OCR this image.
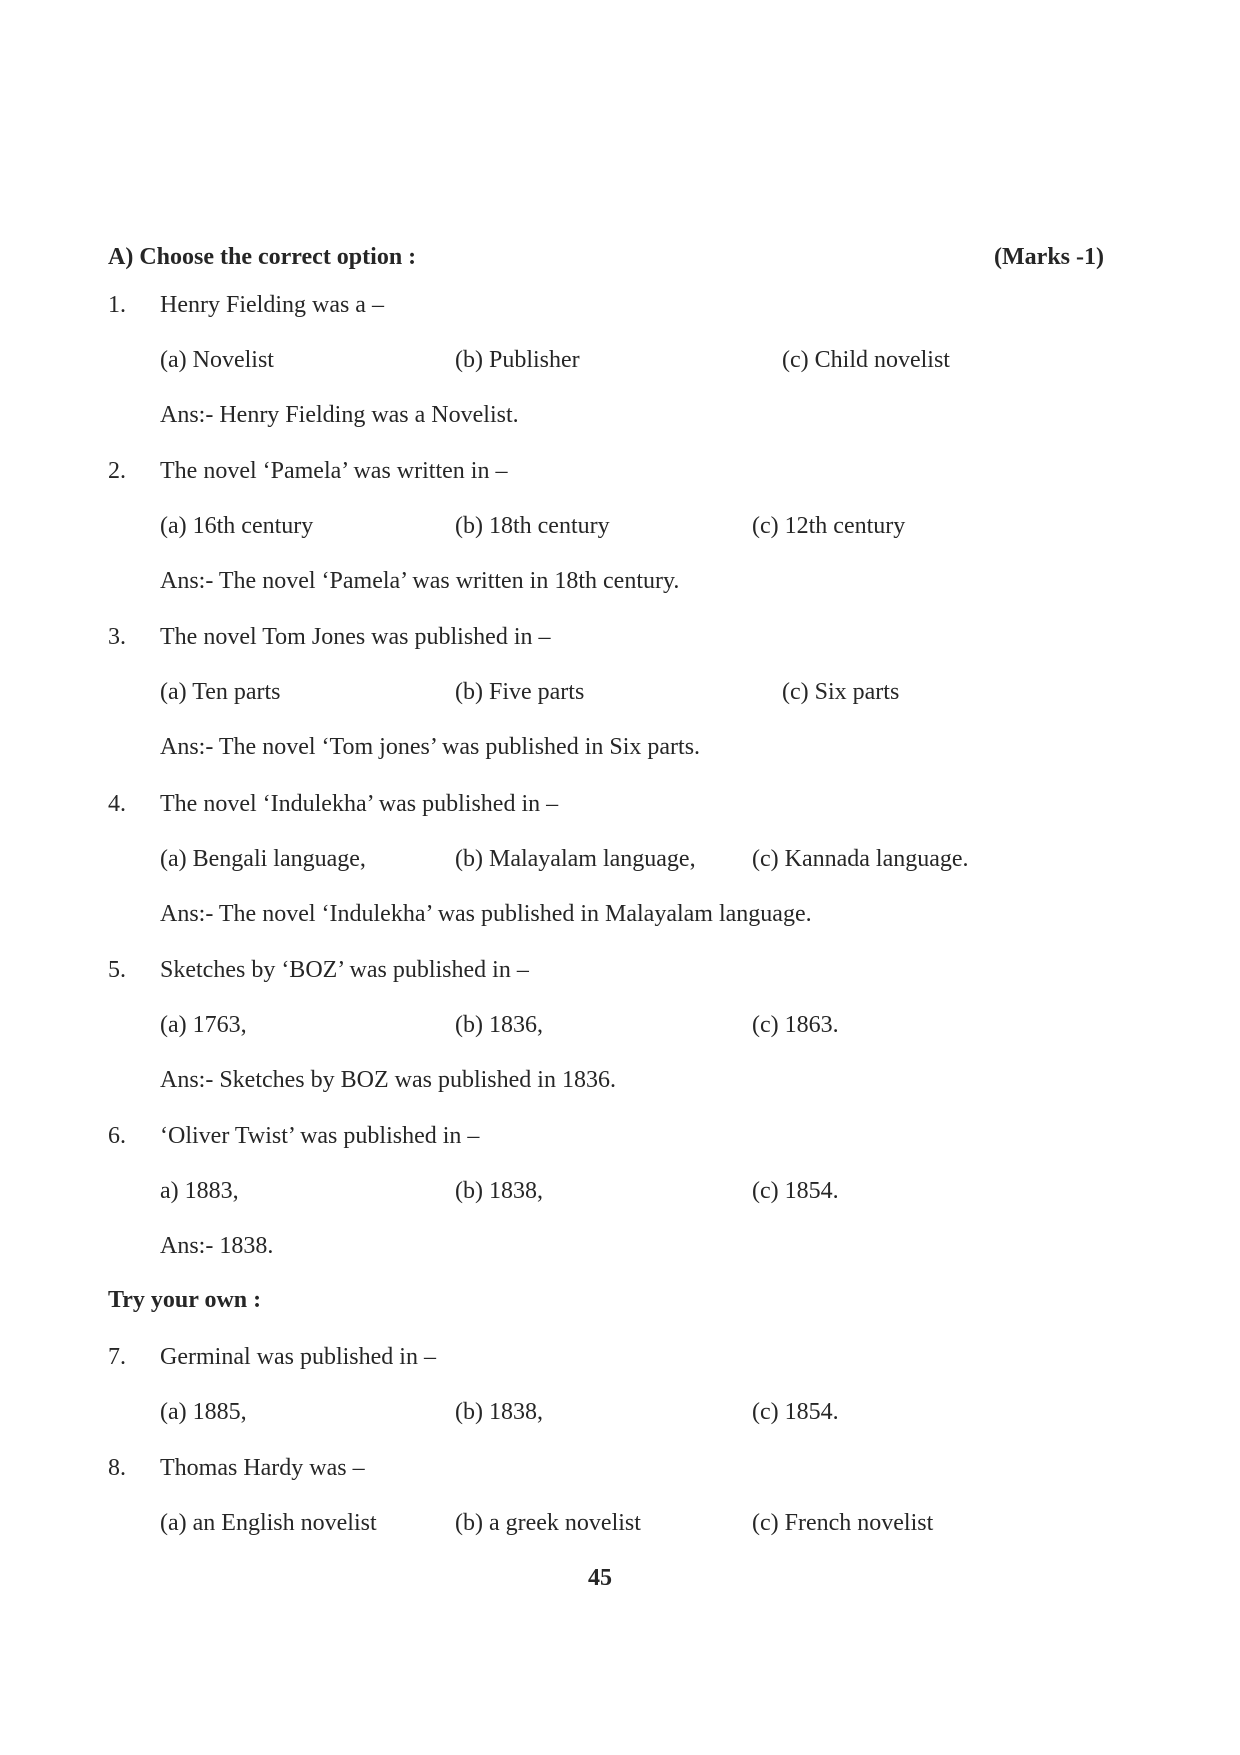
A) Choose the correct option :	(Marks -1)
1. Henry Fielding was a –
(a) Novelist	(b) Publisher	(c) Child novelist
Ans:- Henry Fielding was a Novelist.
2. The novel ‘Pamela’ was written in –
(a) 16th century	(b) 18th century	(c) 12th century
Ans:- The novel ‘Pamela’ was written in 18th century.
3. The novel Tom Jones was published in –
(a) Ten parts	(b) Five parts	(c) Six parts
Ans:- The novel ‘Tom jones’ was published in Six parts.
4. The novel ‘Indulekha’ was published in –
(a) Bengali language,	(b) Malayalam language, (c) Kannada language.
Ans:- The novel ‘Indulekha’ was published in Malayalam language.
5. Sketches by ‘BOZ’ was published in –
(a) 1763,	(b) 1836,	(c) 1863.
Ans:- Sketches by BOZ was published in 1836.
6. ‘Oliver Twist’ was published in –
a) 1883,	(b) 1838,	(c) 1854.
Ans:- 1838.
Try your own :
7. Germinal was published in –
(a) 1885,	(b) 1838,	(c) 1854.
8. Thomas Hardy was –
(a) an English novelist	(b) a greek novelist	(c) French novelist
45
